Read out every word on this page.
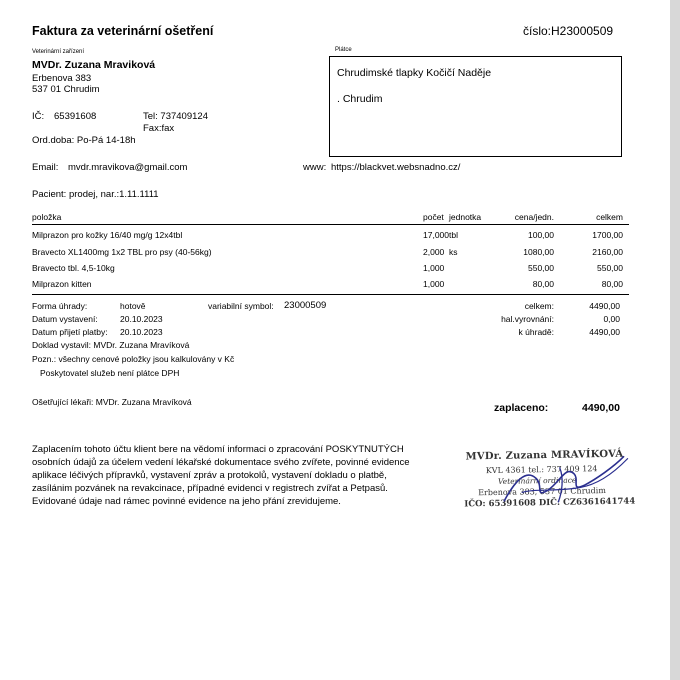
Faktura za veterinární ošetření	číslo:H23000509
Veterinární zařízení
MVDr. Zuzana Mraviková
Erbenova 383
537 01 Chrudim
IČ: 65391608	Tel: 737409124
Fax:fax
Ord.doba: Po-Pá 14-18h
Email: mvdr.mravikova@gmail.com	www: https://blackvet.websnadno.cz/
Plátce
Chrudimské tlapky Kočičí Naděje
. Chrudim
Pacient: prodej, nar.:1.11.1111
položka	počet jednotka	cena/jedn.	celkem
Milprazon pro kožky 16/40 mg/g 12x4tbl	17,000 tbl	100,00	1700,00
Bravecto XL1400mg 1x2 TBL pro psy (40-56kg)	2,000 ks	1080,00	2160,00
Bravecto tbl. 4,5-10kg	1,000	550,00	550,00
Milprazon kitten	1,000	80,00	80,00
Forma úhrady:	hotově	variabilní symbol: 23000509
Datum vystavení:	20.10.2023
Datum přijetí platby: 20.10.2023
Doklad vystavil: MVDr. Zuzana Mravíková
Pozn.: všechny cenové položky jsou kalkulovány v Kč
Poskytovatel služeb není plátce DPH
celkem:	4490,00
hal.vyrovnání:	0,00
k úhradě:	4490,00
Ošetřující lékaři: MVDr. Zuzana Mravíková	zaplaceno:	4490,00
Zaplacením tohoto účtu klient bere na vědomí informaci o zpracování POSKYTNUTÝCH
osobních údajů za účelem vedení lékařské dokumentace svého zvířete, povinné evidence
aplikace léčivých přípravků, vystavení zpráv a protokolů, vystavení dokladu o platbě,
zasílánim pozvánek na revakcinace, případné evidenci v registrech zvířat a Petpasů.
Evidované údaje nad rámec povinné evidence na jeho přání zrevidujeme.
MVDr. Zuzana MRAVÍKOVÁ
KVL 4361 tel.: 737 409 124
Veterinární ordinace
Erbenova 383, 537 01 Chrudim
IČO: 65391608 DIČ: CZ6361641744
